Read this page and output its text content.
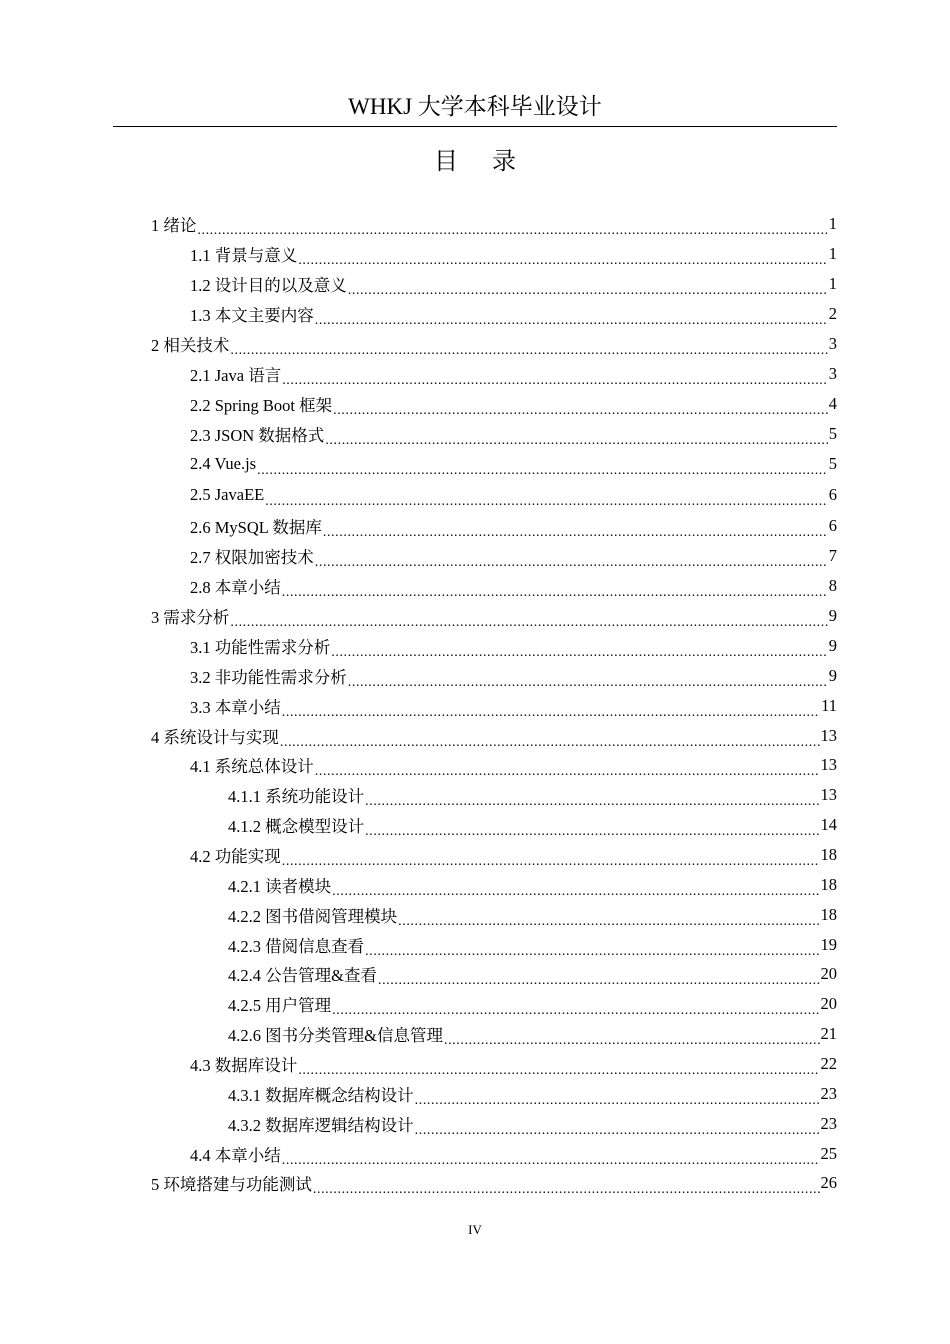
WHKJ 大学本科毕业设计
目录
1 绪论 .....	1
1.1 背景与意义 .....	1
1.2 设计目的以及意义 .....	1
1.3 本文主要内容 .....	2
2 相关技术 .....	3
2.1 Java 语言 .....	3
2.2 Spring Boot 框架 .....	4
2.3 JSON 数据格式 .....	5
2.4 Vue.js .....	5
2.5 JavaEE .....	6
2.6 MySQL 数据库 .....	6
2.7 权限加密技术 .....	7
2.8 本章小结 .....	8
3 需求分析 .....	9
3.1 功能性需求分析 .....	9
3.2 非功能性需求分析 .....	9
3.3 本章小结 .....	11
4 系统设计与实现 .....	13
4.1 系统总体设计 .....	13
4.1.1 系统功能设计 .....	13
4.1.2 概念模型设计 .....	14
4.2 功能实现 .....	18
4.2.1 读者模块 .....	18
4.2.2 图书借阅管理模块 .....	18
4.2.3 借阅信息查看 .....	19
4.2.4 公告管理&查看 .....	20
4.2.5 用户管理 .....	20
4.2.6 图书分类管理&信息管理 .....	21
4.3 数据库设计 .....	22
4.3.1 数据库概念结构设计 .....	23
4.3.2 数据库逻辑结构设计 .....	23
4.4 本章小结 .....	25
5 环境搭建与功能测试 .....	26
IV
